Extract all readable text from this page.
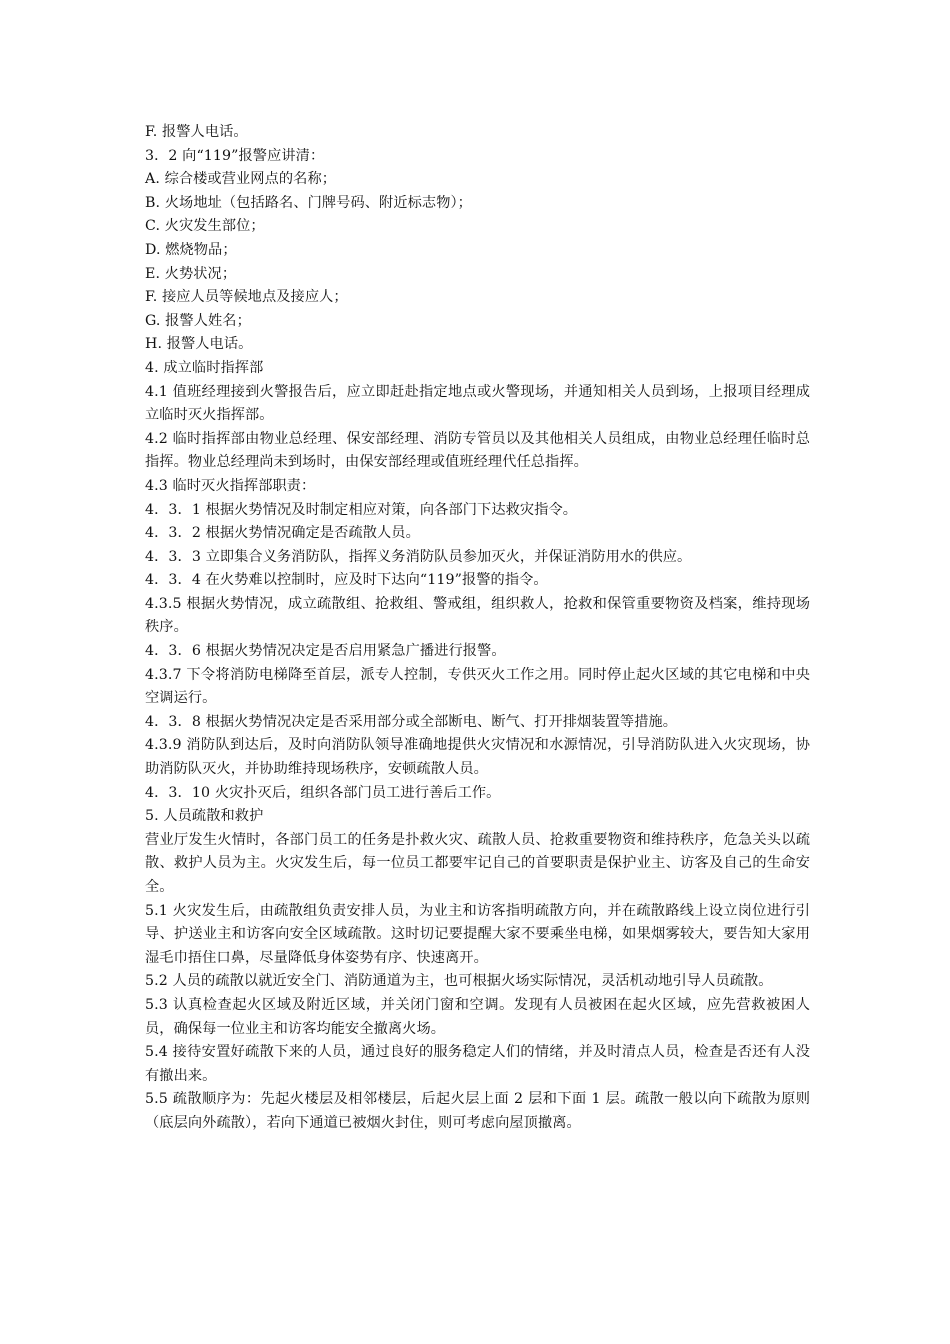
F. 报警人电话。

3．2 向“119”报警应讲清：

A. 综合楼或营业网点的名称；

B. 火场地址（包括路名、门牌号码、附近标志物）；

C. 火灾发生部位；

D. 燃烧物品；

E. 火势状况；

F. 接应人员等候地点及接应人；

G. 报警人姓名；

H. 报警人电话。

4. 成立临时指挥部

4.1 值班经理接到火警报告后，应立即赶赴指定地点或火警现场，并通知相关人员到场，上报项目经理成立临时灭火指挥部。

4.2 临时指挥部由物业总经理、保安部经理、消防专管员以及其他相关人员组成，由物业总经理任临时总指挥。物业总经理尚未到场时，由保安部经理或值班经理代任总指挥。

4.3 临时灭火指挥部职责：

4．3．1 根据火势情况及时制定相应对策，向各部门下达救灾指令。

4．3．2 根据火势情况确定是否疏散人员。

4．3．3 立即集合义务消防队，指挥义务消防队员参加灭火，并保证消防用水的供应。

4．3．4 在火势难以控制时，应及时下达向“119”报警的指令。

4.3.5 根据火势情况，成立疏散组、抢救组、警戒组，组织救人，抢救和保管重要物资及档案，维持现场秩序。

4．3．6 根据火势情况决定是否启用紧急广播进行报警。

4.3.7 下令将消防电梯降至首层，派专人控制，专供灭火工作之用。同时停止起火区域的其它电梯和中央空调运行。

4．3．8 根据火势情况决定是否采用部分或全部断电、断气、打开排烟装置等措施。

4.3.9 消防队到达后，及时向消防队领导准确地提供火灾情况和水源情况，引导消防队进入火灾现场，协助消防队灭火，并协助维持现场秩序，安顿疏散人员。

4．3．10 火灾扑灭后，组织各部门员工进行善后工作。

5. 人员疏散和救护

营业厅发生火情时，各部门员工的任务是扑救火灾、疏散人员、抢救重要物资和维持秩序，危急关头以疏散、救护人员为主。火灾发生后，每一位员工都要牢记自己的首要职责是保护业主、访客及自己的生命安全。

5.1 火灾发生后，由疏散组负责安排人员，为业主和访客指明疏散方向，并在疏散路线上设立岗位进行引导、护送业主和访客向安全区域疏散。这时切记要提醒大家不要乘坐电梯，如果烟雾较大，要告知大家用湿毛巾捂住口鼻，尽量降低身体姿势有序、快速离开。

5.2 人员的疏散以就近安全门、消防通道为主，也可根据火场实际情况，灵活机动地引导人员疏散。

5.3 认真检查起火区域及附近区域，并关闭门窗和空调。发现有人员被困在起火区域，应先营救被困人员，确保每一位业主和访客均能安全撤离火场。

5.4 接待安置好疏散下来的人员，通过良好的服务稳定人们的情绪，并及时清点人员，检查是否还有人没有撤出来。

5.5 疏散顺序为：先起火楼层及相邻楼层，后起火层上面 2 层和下面 1 层。疏散一般以向下疏散为原则（底层向外疏散），若向下通道已被烟火封住，则可考虑向屋顶撤离。
